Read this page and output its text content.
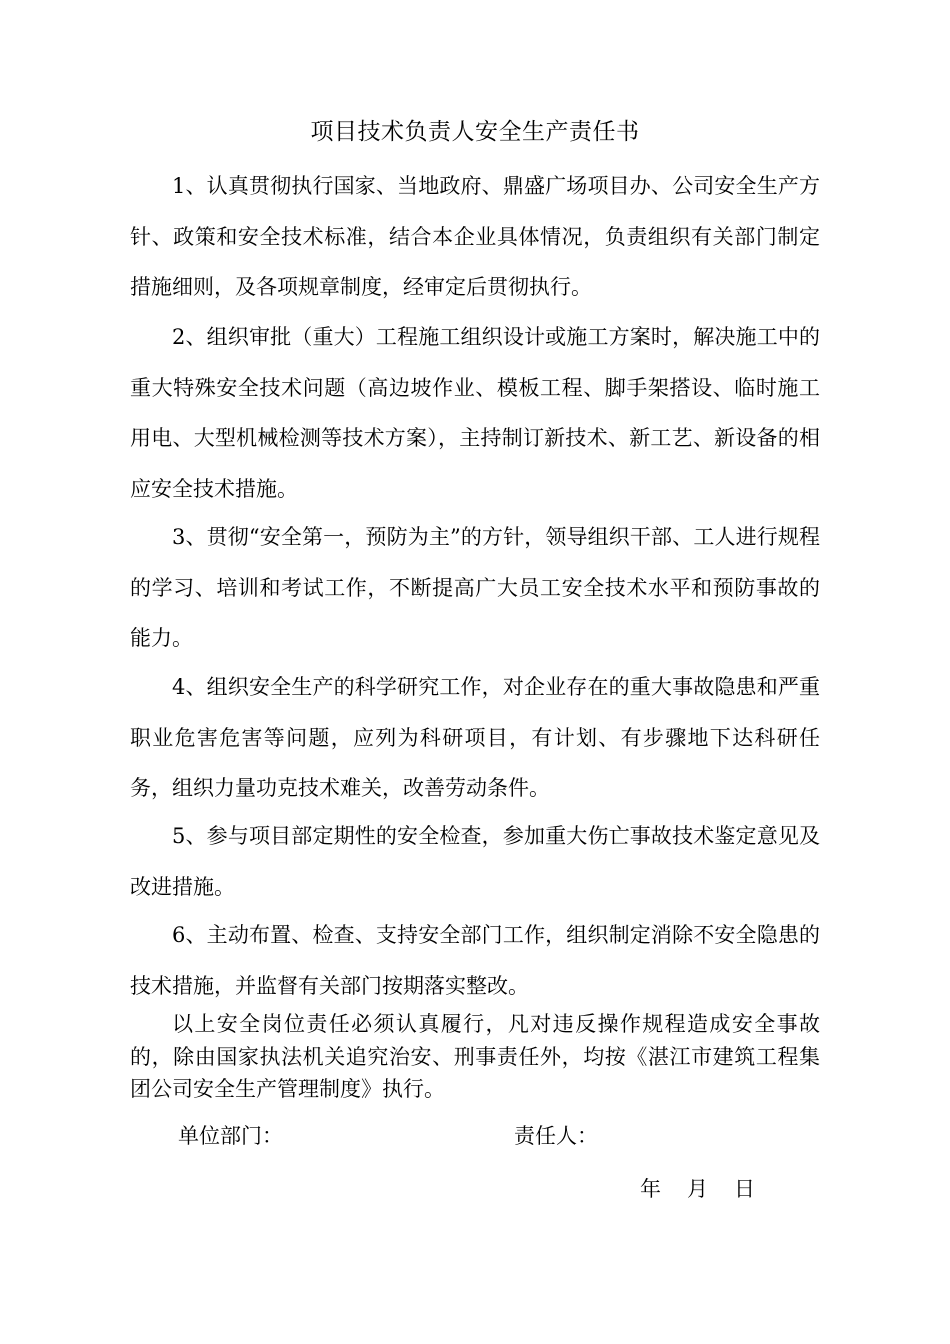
项目技术负责人安全生产责任书

1、认真贯彻执行国家、当地政府、鼎盛广场项目办、公司安全生产方针、政策和安全技术标准，结合本企业具体情况，负责组织有关部门制定措施细则，及各项规章制度，经审定后贯彻执行。

2、组织审批（重大）工程施工组织设计或施工方案时，解决施工中的重大特殊安全技术问题（高边坡作业、模板工程、脚手架搭设、临时施工用电、大型机械检测等技术方案），主持制订新技术、新工艺、新设备的相应安全技术措施。

3、贯彻“安全第一，预防为主”的方针，领导组织干部、工人进行规程的学习、培训和考试工作，不断提高广大员工安全技术水平和预防事故的能力。

4、组织安全生产的科学研究工作，对企业存在的重大事故隐患和严重职业危害危害等问题，应列为科研项目，有计划、有步骤地下达科研任务，组织力量功克技术难关，改善劳动条件。

5、参与项目部定期性的安全检查，参加重大伤亡事故技术鉴定意见及改进措施。

6、主动布置、检查、支持安全部门工作，组织制定消除不安全隐患的技术措施，并监督有关部门按期落实整改。

以上安全岗位责任必须认真履行，凡对违反操作规程造成安全事故的，除由国家执法机关追究治安、刑事责任外，均按《湛江市建筑工程集团公司安全生产管理制度》执行。

单位部门：	责任人：
年 月 日
